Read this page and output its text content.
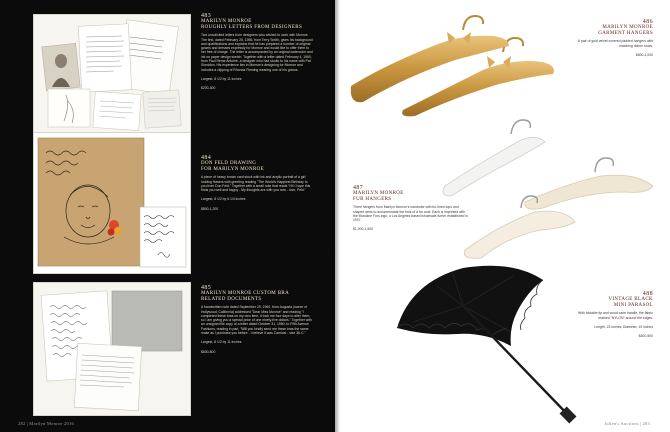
483
MARILYN MONROE
ROUGHLY LETTERS FROM DESIGNERS
Two unsolicited letters from designers who wished to work with Monroe. The first, dated February 25, 1956, from Terry Smith, gives his background and qualifications and explains that he has prepared a number of original gowns and dresses expressly for Monroe and would like to offer them to her free of charge. The letter is accompanied by an original watercolor and ink on paper design sketch. Together with a letter dated February 4, 1960, from Paul Reme Antoine, a designer who had studio to his name with Pat Sheddon. His experience lies in Monroe's designing for Monroe and includes a clipping of Rhonda Fleming wearing one of his gowns.
Largest, 8 1/2 by 11 inches
$200-300
484
DON FELD DRAWING
FOR MARILYN MONROE
A piece of heavy brown card stock with ink and acrylic portrait of a girl holding flowers with greeting reading "The World's Happiest Birthday to you from Don Feld." Together with a small note that reads "Hi! I hope this finds you well and happy - My thoughts are with you now - love, Feld."
Largest, 8 1/2 by 6 1/4 inches
$800-1,200
485
MARILYN MONROE CUSTOM BRA
RELATED DOCUMENTS
A handwritten note dated September 29, 1960, from Augusta (owner of Hollywood, California) addressed "Dear Miss Monroe" and reading "I completed these bras on my own time, it took me four days to alter them, so I am giving you a special price of one ninety-five dollars." Together with an unsigned file copy of a letter dated October 31, 1960, to Fifth Avenue Fashions, reading in part, "Will you kindly send me these bras the same make as I purchase you before - I believe it was Carnival - size 36-C."
Largest, 8 1/2 by 11 inches
$600-800
282 | Marilyn Monroe 2016
486
MARILYN MONROE
GARMENT HANGERS
A pair of gold velvet covered padded hangers with matching ribbon bows.
$600-1,000
487
MARILYN MONROE
FUR HANGERS
Three hangers from Marilyn Monroe's wardrobe with fur-lined tops and shaped arms to accommodate the bulk of a fur coat. Each is imprinted with the Mordane Furs logo, a Los Angeles based wholesale furrier established in 1947.
$1,000-1,500
488
VINTAGE BLACK
MINI PARASOL
With foldable tip and wood cane handle, the fabric marked "NYLON" around the edges.
Length, 23 inches; Diameter, 19 inches
$300-500
Julien's Auctions | 283
